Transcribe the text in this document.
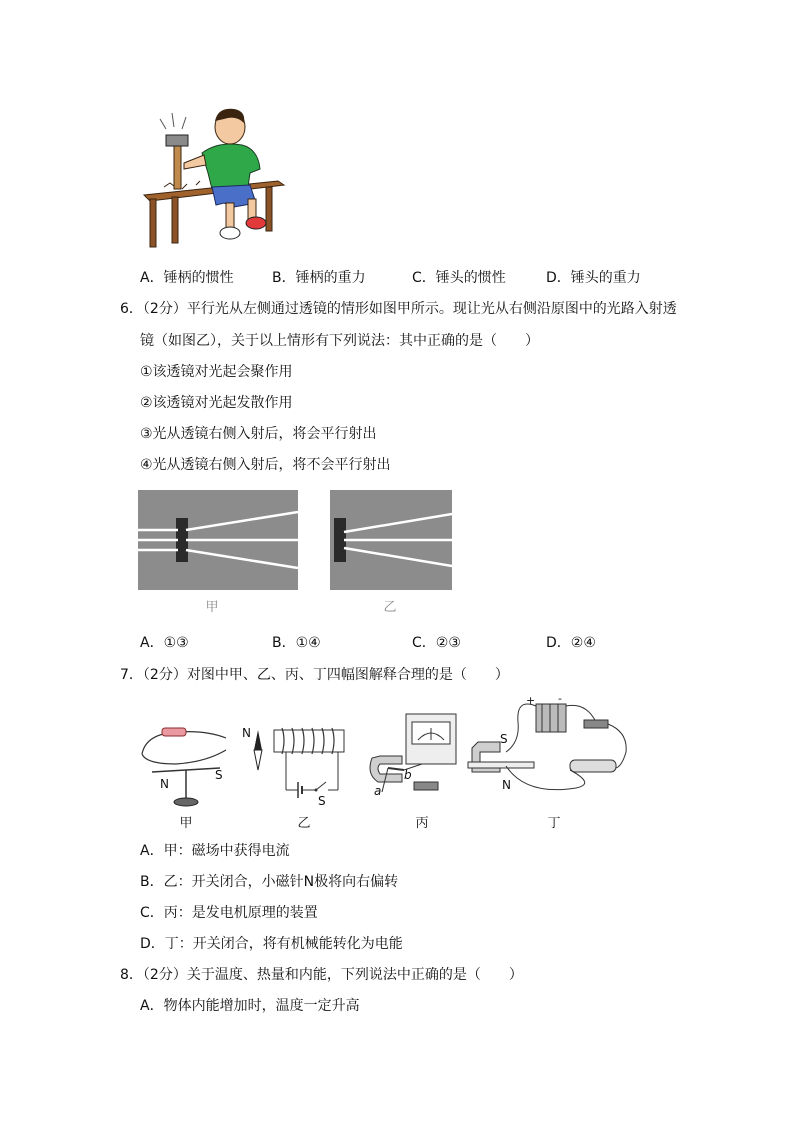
A．锤柄的惯性	B．锤柄的重力	C．锤头的惯性	D．锤头的重力
6．（2分）平行光从左侧通过透镜的情形如图甲所示。现让光从右侧沿原图中的光路入射透
镜（如图乙），关于以上情形有下列说法：其中正确的是（　　）
①该透镜对光起会聚作用
②该透镜对光起发散作用
③光从透镜右侧入射后，将会平行射出
④光从透镜右侧入射后，将不会平行射出
甲	乙
A．①③	B．①④	C．②③	D．②④
7．（2分）对图中甲、乙、丙、丁四幅图解释合理的是（　　）
N
S
甲
N
S
乙
a
b
丙
+ -
S
N
丁
A．甲：磁场中获得电流
B．乙：开关闭合，小磁针N极将向右偏转
C．丙：是发电机原理的装置
D．丁：开关闭合，将有机械能转化为电能
8．（2分）关于温度、热量和内能，下列说法中正确的是（　　）
A．物体内能增加时，温度一定升高
